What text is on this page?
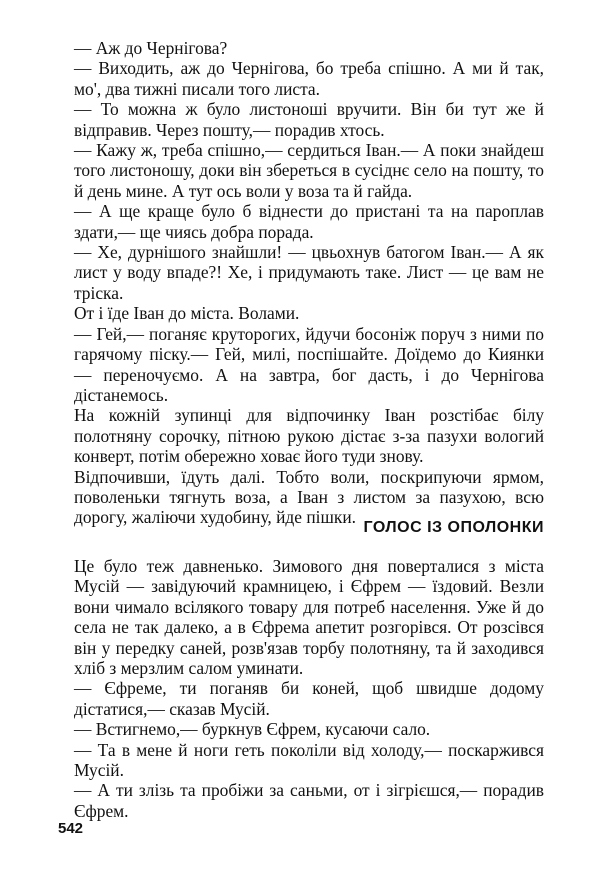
— Аж до Чернігова?

— Виходить, аж до Чернігова, бо треба спішно. А ми й так, мо', два тижні писали того листа.

— То можна ж було листоноші вручити. Він би тут же й відправив. Через пошту,— порадив хтось.

— Кажу ж, треба спішно,— сердиться Іван.— А поки знайдеш того листоношу, доки він збереться в сусіднє село на пошту, то й день мине. А тут ось воли у воза та й гайда.

— А ще краще було б віднести до пристані та на пароплав здати,— ще чиясь добра порада.

— Хе, дурнішого знайшли! — цвьохнув батогом Іван.— А як лист у воду впаде?! Хе, і придумають таке. Лист — це вам не тріска.

От і їде Іван до міста. Волами.

— Гей,— поганяє круторогих, йдучи босоніж поруч з ними по гарячому піску.— Гей, милі, поспішайте. Доїдемо до Киянки — переночуємо. А на завтра, бог дасть, і до Чернігова дістанемось.

На кожній зупинці для відпочинку Іван розстібає білу полотняну сорочку, пітною рукою дістає з-за пазухи вологий конверт, потім обережно ховає його туди знову.

Відпочивши, їдуть далі. Тобто воли, поскрипуючи ярмом, поволеньки тягнуть воза, а Іван з листом за пазухою, всю дорогу, жаліючи худобину, йде пішки.

ГОЛОС ІЗ ОПОЛОНКИ

Це було теж давненько. Зимового дня поверталися з міста Мусій — завідуючий крамницею, і Єфрем — їздовий. Везли вони чимало всілякого товару для потреб населення. Уже й до села не так далеко, а в Єфрема апетит розгорівся. От розсівся він у передку саней, розв'язав торбу полотняну, та й заходився хліб з мерзлим салом уминати.

— Єфреме, ти поганяв би коней, щоб швидше додому дістатися,— сказав Мусій.

— Встигнемо,— буркнув Єфрем, кусаючи сало.

— Та в мене й ноги геть поколіли від холоду,— поскаржився Мусій.

— А ти злізь та пробіжи за саньми, от і зігрієшся,— порадив Єфрем.

542
